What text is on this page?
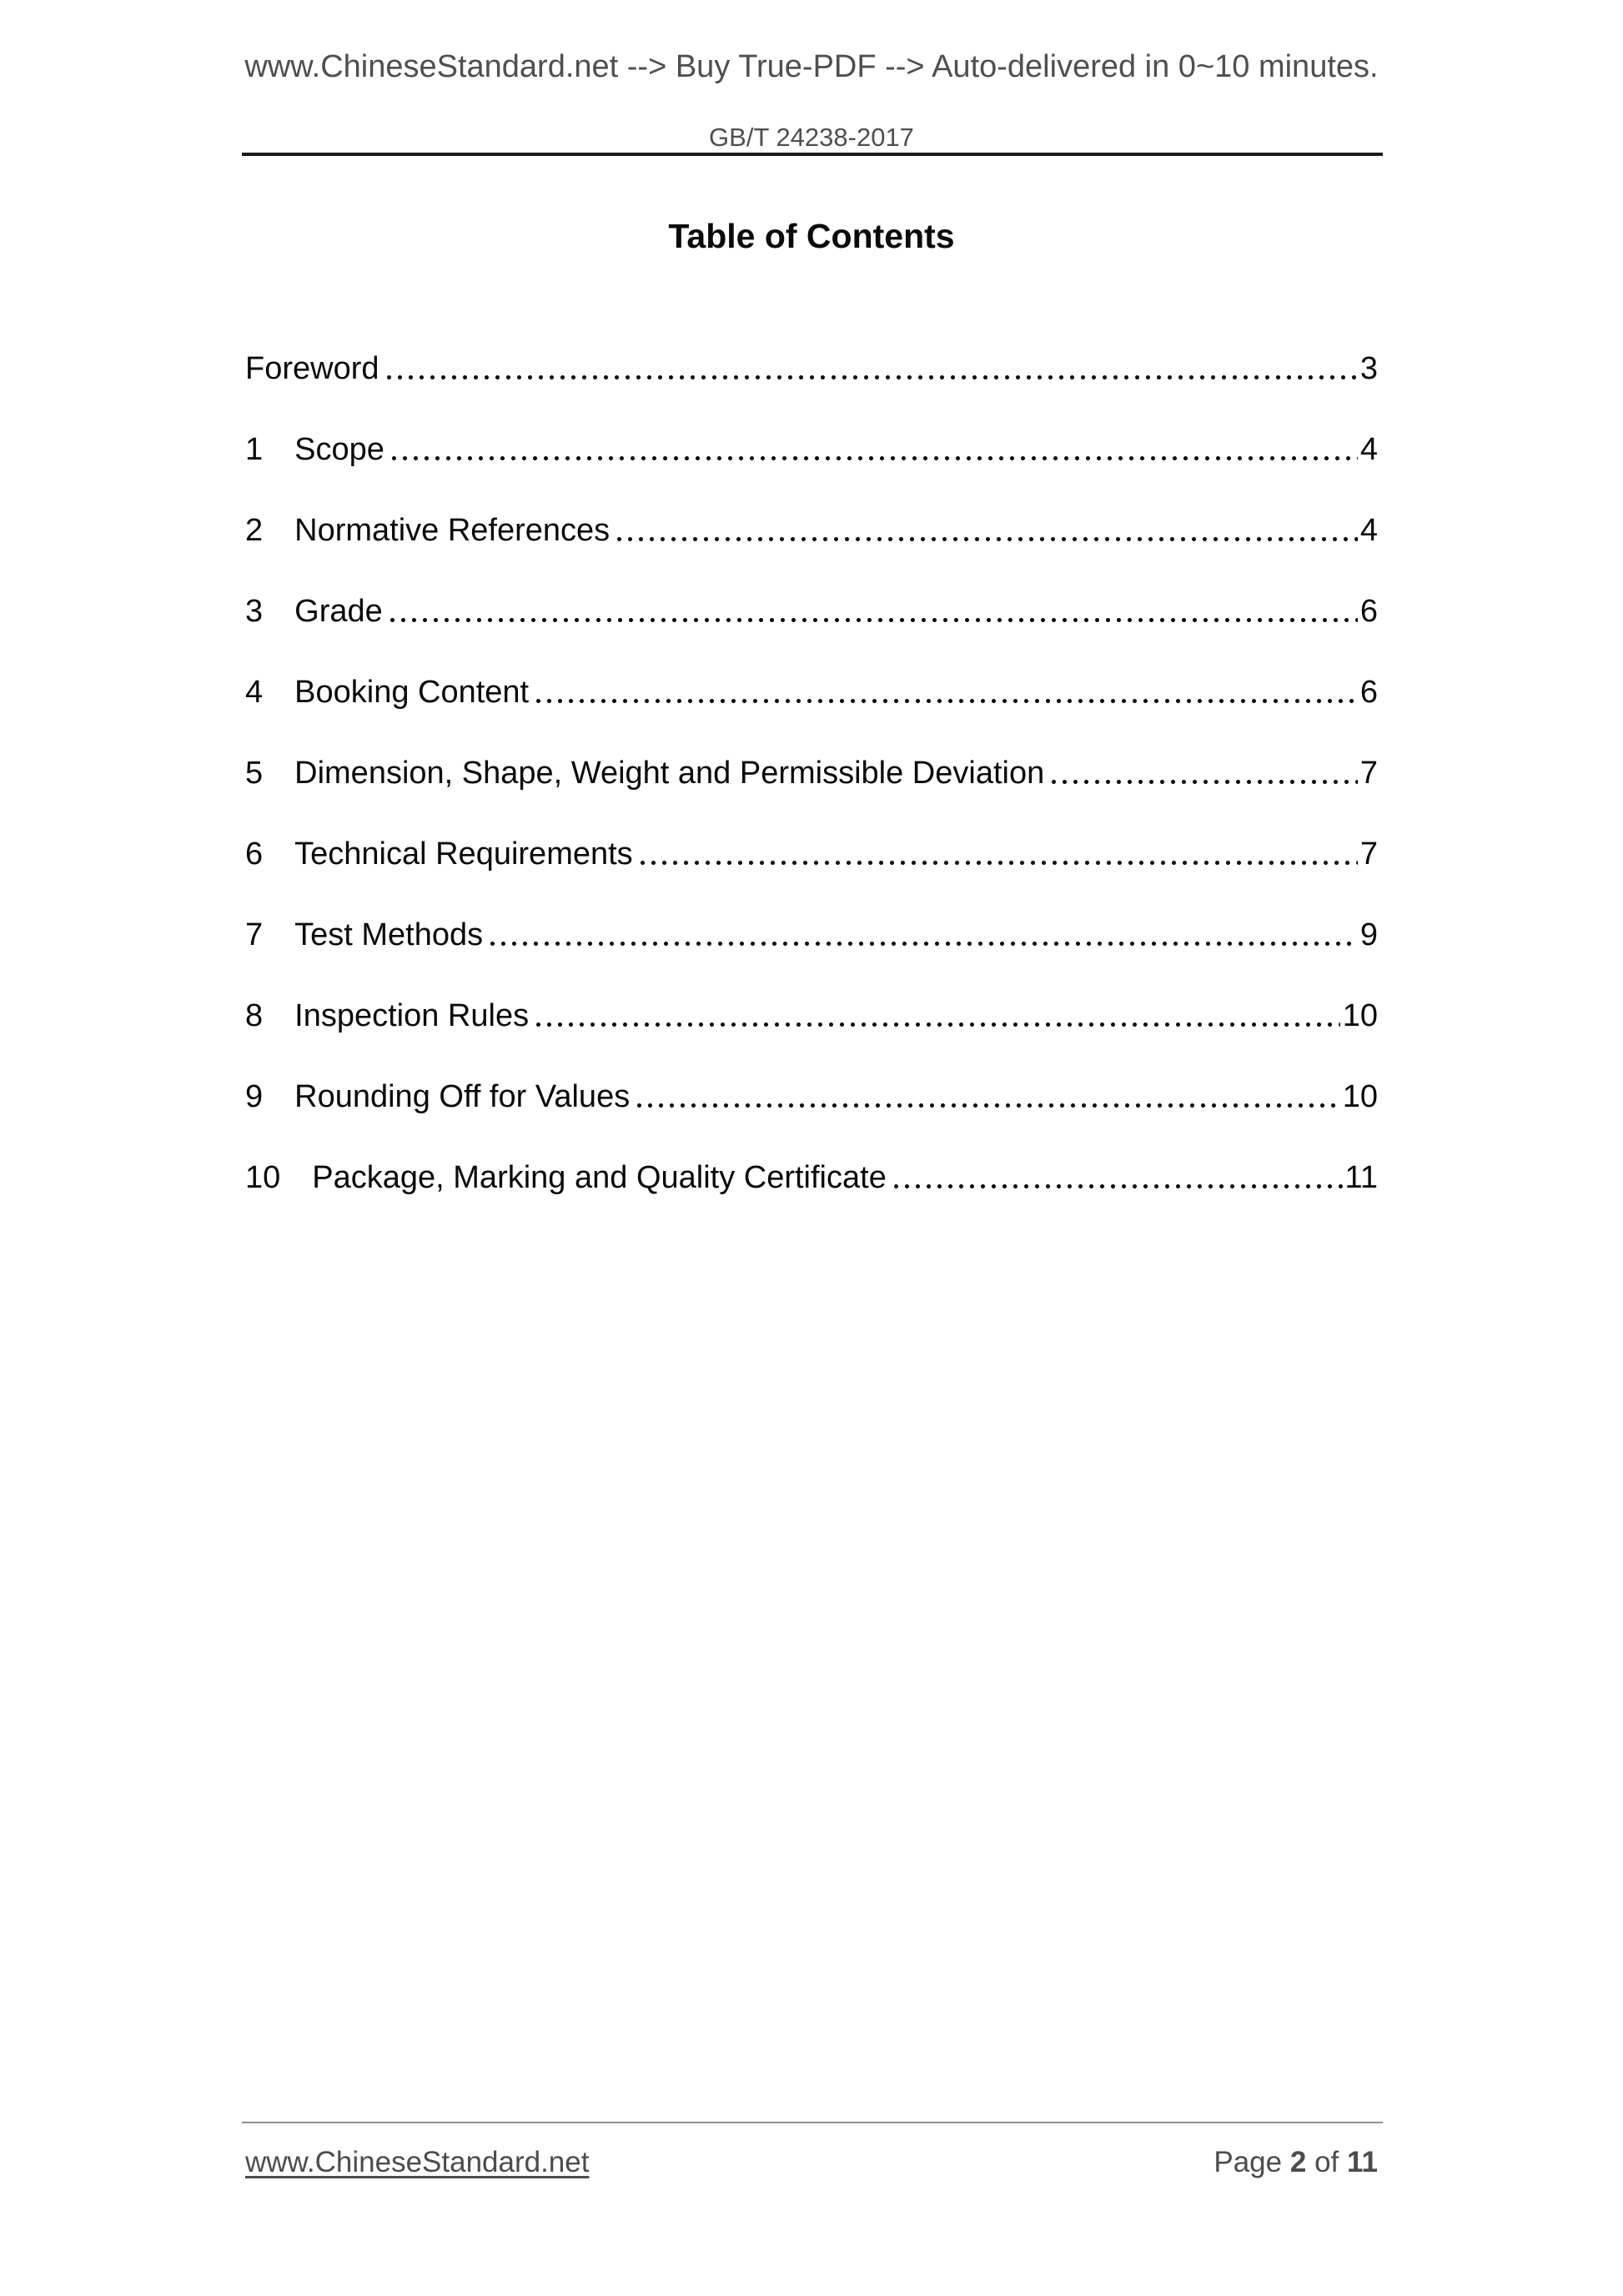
www.ChineseStandard.net --> Buy True-PDF --> Auto-delivered in 0~10 minutes.
GB/T 24238-2017
Table of Contents
Foreword	3
1 Scope	4
2 Normative References	4
3 Grade	6
4 Booking Content	6
5 Dimension, Shape, Weight and Permissible Deviation	7
6 Technical Requirements	7
7 Test Methods	9
8 Inspection Rules	10
9 Rounding Off for Values	10
10 Package, Marking and Quality Certificate	11
www.ChineseStandard.net	Page 2 of 11
